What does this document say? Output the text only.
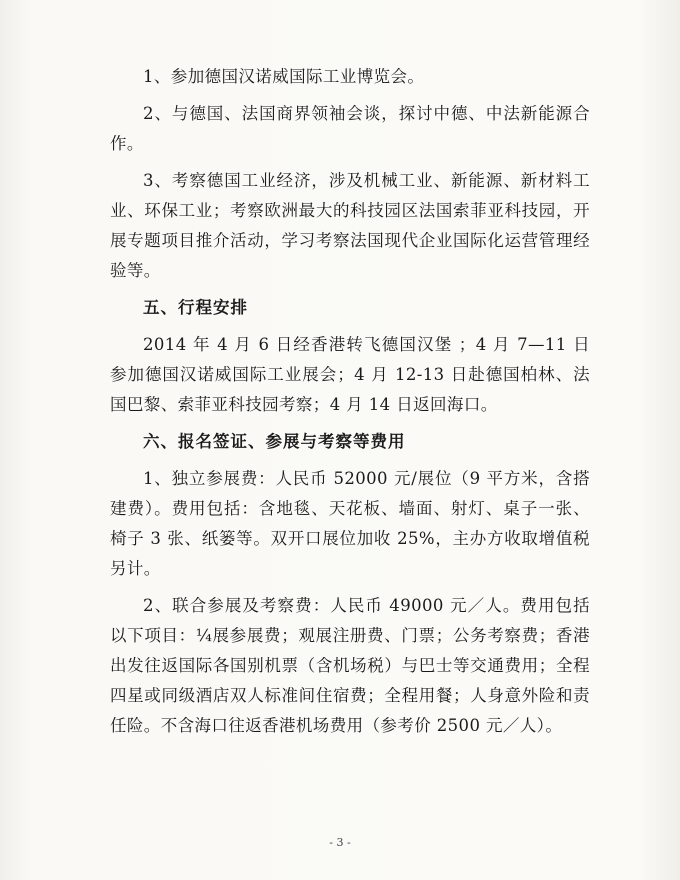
1、参加德国汉诺威国际工业博览会。

2、与德国、法国商界领袖会谈，探讨中德、中法新能源合作。

3、考察德国工业经济，涉及机械工业、新能源、新材料工业、环保工业；考察欧洲最大的科技园区法国索菲亚科技园，开展专题项目推介活动，学习考察法国现代企业国际化运营管理经验等。

五、行程安排

2014 年 4 月 6 日经香港转飞德国汉堡 ；4 月 7—11 日参加德国汉诺威国际工业展会；4 月 12-13 日赴德国柏林、法国巴黎、索菲亚科技园考察；4 月 14 日返回海口。

六、报名签证、参展与考察等费用

1、独立参展费：人民币 52000 元/展位（9 平方米，含搭建费）。费用包括：含地毯、天花板、墙面、射灯、桌子一张、椅子 3 张、纸篓等。双开口展位加收 25%，主办方收取增值税另计。

2、联合参展及考察费：人民币 49000 元／人。费用包括以下项目：¼展参展费；观展注册费、门票；公务考察费；香港出发往返国际各国别机票（含机场税）与巴士等交通费用；全程四星或同级酒店双人标准间住宿费；全程用餐；人身意外险和责任险。不含海口往返香港机场费用（参考价 2500 元／人）。

- 3 -
